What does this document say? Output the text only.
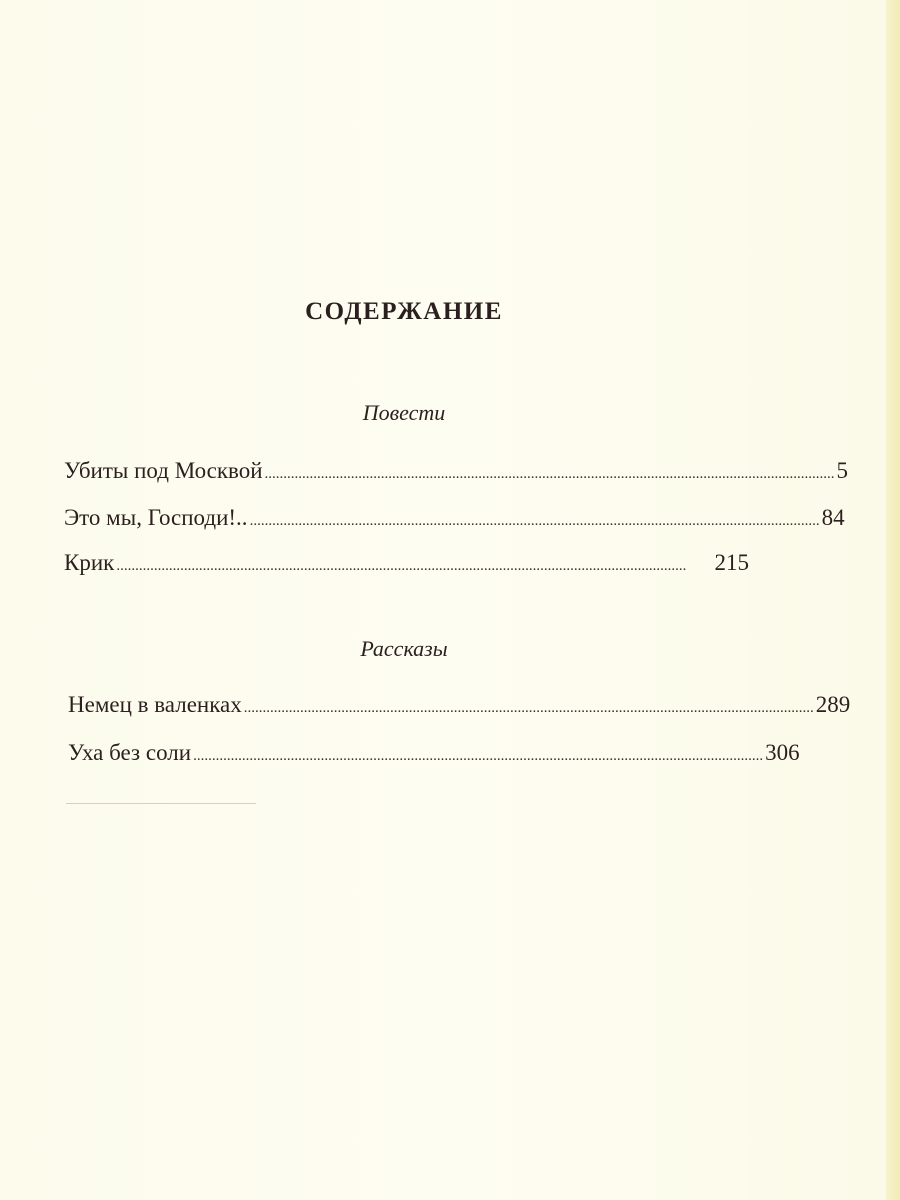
СОДЕРЖАНИЕ
Повести
Убиты под Москвой ........................................................................................................................................................ 5
Это мы, Господи!.. ........................................................................................................................................................ 84
Крик ........................................................................................................................................................	215
Рассказы
Немец в валенках ........................................................................................................................................................ 289
Уха без соли ........................................................................................................................................................ 306
